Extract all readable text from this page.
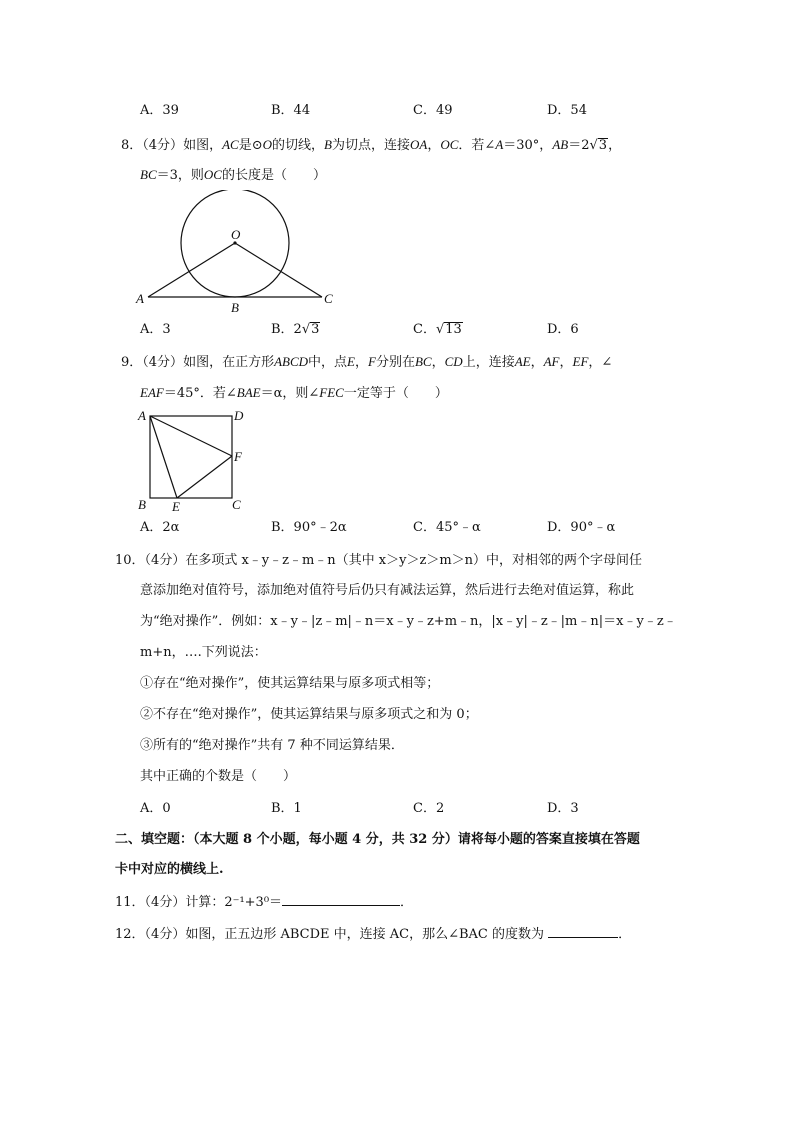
A．39	B．44	C．49	D．54
8．（4分）如图，AC是⊙O的切线，B为切点，连接OA，OC．若∠A＝30°，AB＝2√3，
BC＝3，则OC的长度是（　　）
O
A
B
C
A．3	B．2√3	C．√13	D．6
9．（4分）如图，在正方形ABCD中，点E，F分别在BC，CD上，连接AE，AF，EF，∠
EAF＝45°．若∠BAE＝α，则∠FEC一定等于（　　）
A	D
B E	C
F
A．2α	B．90°﹣2α	C．45°﹣α	D．90°﹣α
10．（4分）在多项式 x﹣y﹣z﹣m﹣n（其中 x＞y＞z＞m＞n）中，对相邻的两个字母间任
意添加绝对值符号，添加绝对值符号后仍只有减法运算，然后进行去绝对值运算，称此
为“绝对操作”．例如：x﹣y﹣|z﹣m|﹣n＝x﹣y﹣z+m﹣n，|x﹣y|﹣z﹣|m﹣n|＝x﹣y﹣z﹣
m+n，….下列说法：
①存在“绝对操作”，使其运算结果与原多项式相等；
②不存在“绝对操作”，使其运算结果与原多项式之和为 0；
③所有的“绝对操作”共有 7 种不同运算结果．
其中正确的个数是（　　）
A．0	B．1	C．2	D．3
二、填空题：（本大题 8 个小题，每小题 4 分，共 32 分）请将每小题的答案直接填在答题
卡中对应的横线上.
11．（4分）计算：2⁻¹+3⁰＝	．
12．（4分）如图，正五边形 ABCDE 中，连接 AC，那么∠BAC 的度数为	．
